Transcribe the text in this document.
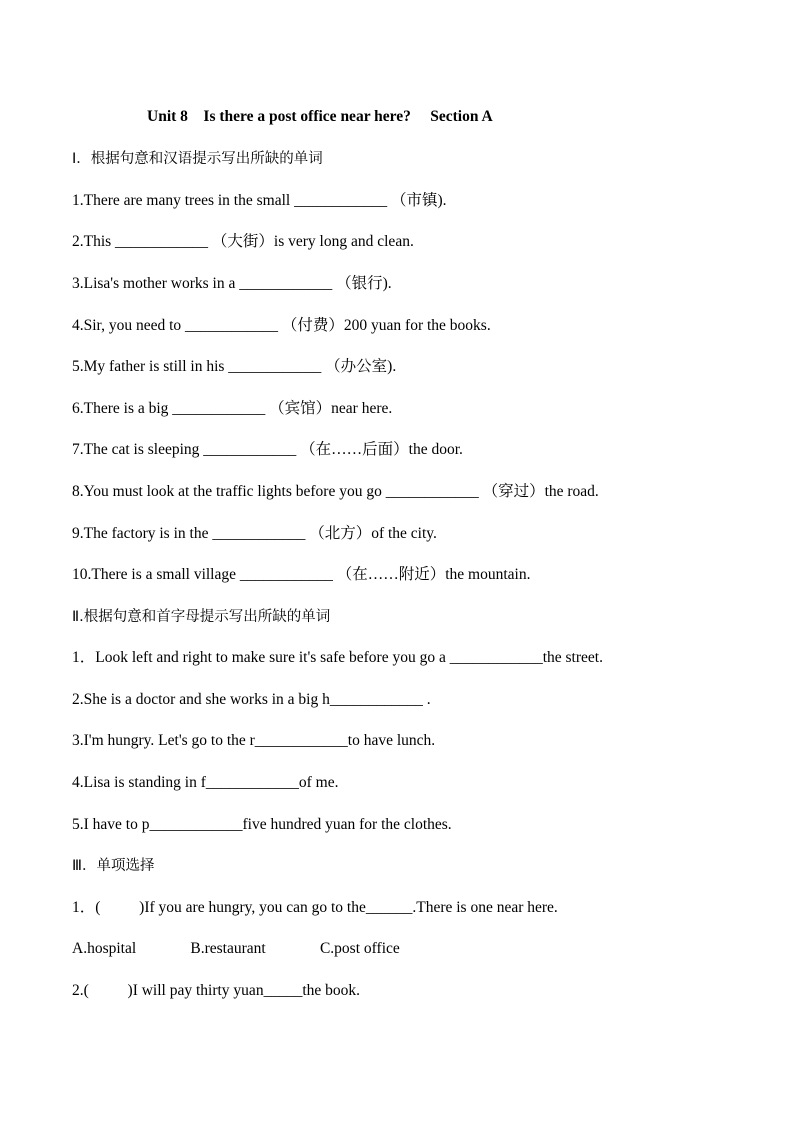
Unit 8    Is there a post office near here?     Section A
Ⅰ．根据句意和汉语提示写出所缺的单词
1.There are many trees in the small ____________ （市镇).
2.This ____________ （大街）is very long and clean.
3.Lisa's mother works in a ____________ （银行).
4.Sir, you need to ____________ （付费）200 yuan for the books.
5.My father is still in his ____________ （办公室).
6.There is a big ____________ （宾馆）near here.
7.The cat is sleeping ____________ （在……后面）the door.
8.You must look at the traffic lights before you go ____________ （穿过）the road.
9.The factory is in the ____________ （北方）of the city.
10.There is a small village ____________ （在……附近）the mountain.
Ⅱ.根据句意和首字母提示写出所缺的单词
1．Look left and right to make sure it's safe before you go a ____________the street.
2.She is a doctor and she works in a big h____________ .
3.I'm hungry. Let's go to the r____________to have lunch.
4.Lisa is standing in f____________of me.
5.I have to p____________five hundred yuan for the clothes.
Ⅲ．单项选择
1．(          )If you are hungry, you can go to the______.There is one near here.
A.hospital              B.restaurant              C.post office
2.(          )I will pay thirty yuan_____the book.
